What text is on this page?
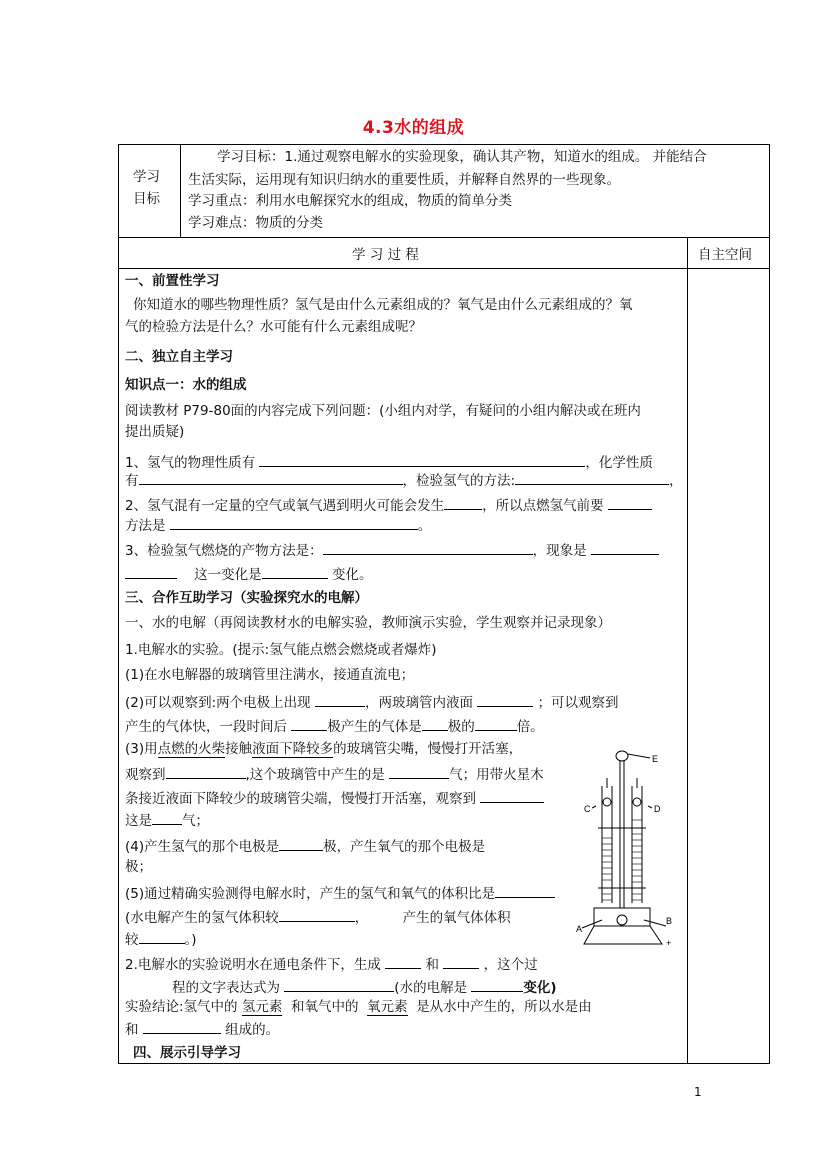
4.3水的组成
学习
目标
学习目标：1.通过观察电解水的实验现象，确认其产物，知道水的组成。 并能结合
生活实际，运用现有知识归纳水的重要性质，并解释自然界的一些现象。
学习重点：利用水电解探究水的组成，物质的简单分类
学习难点：物质的分类
学 习 过 程	自主空间
一、前置性学习
你知道水的哪些物理性质？氢气是由什么元素组成的？氧气是由什么元素组成的？氧
气的检验方法是什么？水可能有什么元素组成呢？
二、独立自主学习
知识点一：水的组成
阅读教材 P79-80面的内容完成下列问题：(小组内对学，有疑问的小组内解决或在班内
提出质疑)
1、氢气的物理性质有	，化学性质
有	，检验氢气的方法:	，
2、氢气混有一定量的空气或氧气遇到明火可能会发生	，所以点燃氢气前要
方法是	。
3、检验氢气燃烧的产物方法是：	，现象是
这一变化是	变化。
三、合作互助学习（实验探究水的电解）
一、水的电解（再阅读教材水的电解实验，教师演示实验，学生观察并记录现象）
1.电解水的实验。(提示:氢气能点燃会燃烧或者爆炸)
(1)在水电解器的玻璃管里注满水，接通直流电；
(2)可以观察到:两个电极上出现	，两玻璃管内液面	；可以观察到
产生的气体快，一段时间后	极产生的气体是 极的	倍。
(3)用点燃的火柴接触液面下降较多的玻璃管尖嘴，慢慢打开活塞，
观察到	,这个玻璃管中产生的是	气；用带火星木
条接近液面下降较少的玻璃管尖端，慢慢打开活塞，观察到
这是 气；
(4)产生氢气的那个电极是	极，产生氧气的那个电极是
极；
(5)通过精确实验测得电解水时，产生的氢气和氧气的体积比是
(水电解产生的氢气体积较	，	产生的氧气体体积
较	。)
2.电解水的实验说明水在通电条件下，生成	和	，这个过
程的文字表达式为	(水的电解是	变化)
实验结论:氢气中的 氢元素 和氧气中的 氧元素 是从水中产生的，所以水是由
和	组成的。
四、展示引导学习
E
C	D
A
B
+
1
